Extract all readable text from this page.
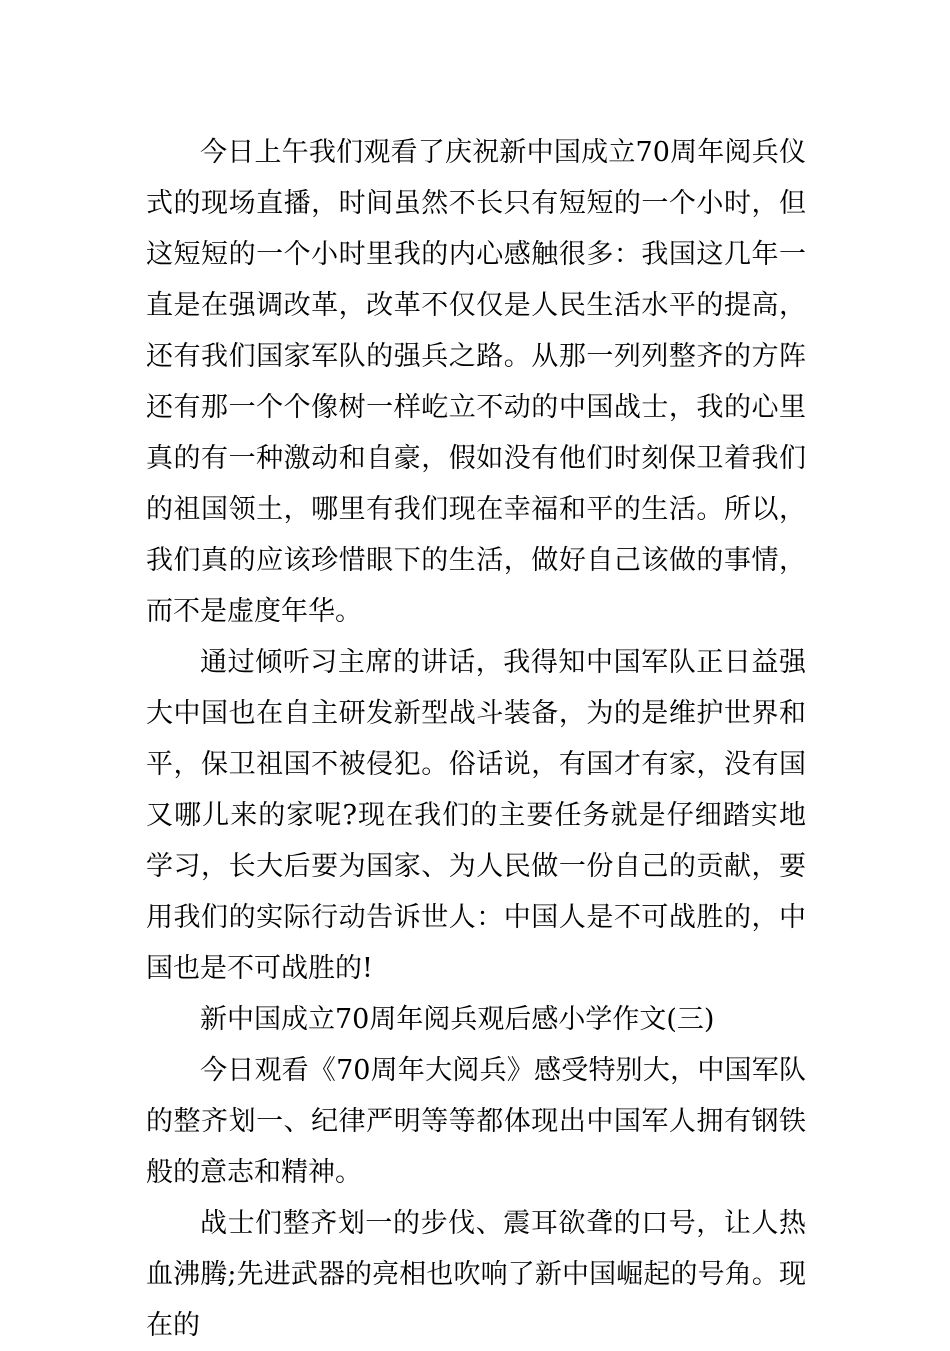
今日上午我们观看了庆祝新中国成立70周年阅兵仪式的现场直播，时间虽然不长只有短短的一个小时，但这短短的一个小时里我的内心感触很多：我国这几年一直是在强调改革，改革不仅仅是人民生活水平的提高，还有我们国家军队的强兵之路。从那一列列整齐的方阵还有那一个个像树一样屹立不动的中国战士，我的心里真的有一种激动和自豪，假如没有他们时刻保卫着我们的祖国领土，哪里有我们现在幸福和平的生活。所以，我们真的应该珍惜眼下的生活，做好自己该做的事情，而不是虚度年华。

通过倾听习主席的讲话，我得知中国军队正日益强大中国也在自主研发新型战斗装备，为的是维护世界和平，保卫祖国不被侵犯。俗话说，有国才有家，没有国又哪儿来的家呢?现在我们的主要任务就是仔细踏实地学习，长大后要为国家、为人民做一份自己的贡献，要用我们的实际行动告诉世人：中国人是不可战胜的，中国也是不可战胜的!

新中国成立70周年阅兵观后感小学作文(三)

今日观看《70周年大阅兵》感受特别大，中国军队的整齐划一、纪律严明等等都体现出中国军人拥有钢铁般的意志和精神。

战士们整齐划一的步伐、震耳欲聋的口号，让人热血沸腾;先进武器的亮相也吹响了新中国崛起的号角。现在的
